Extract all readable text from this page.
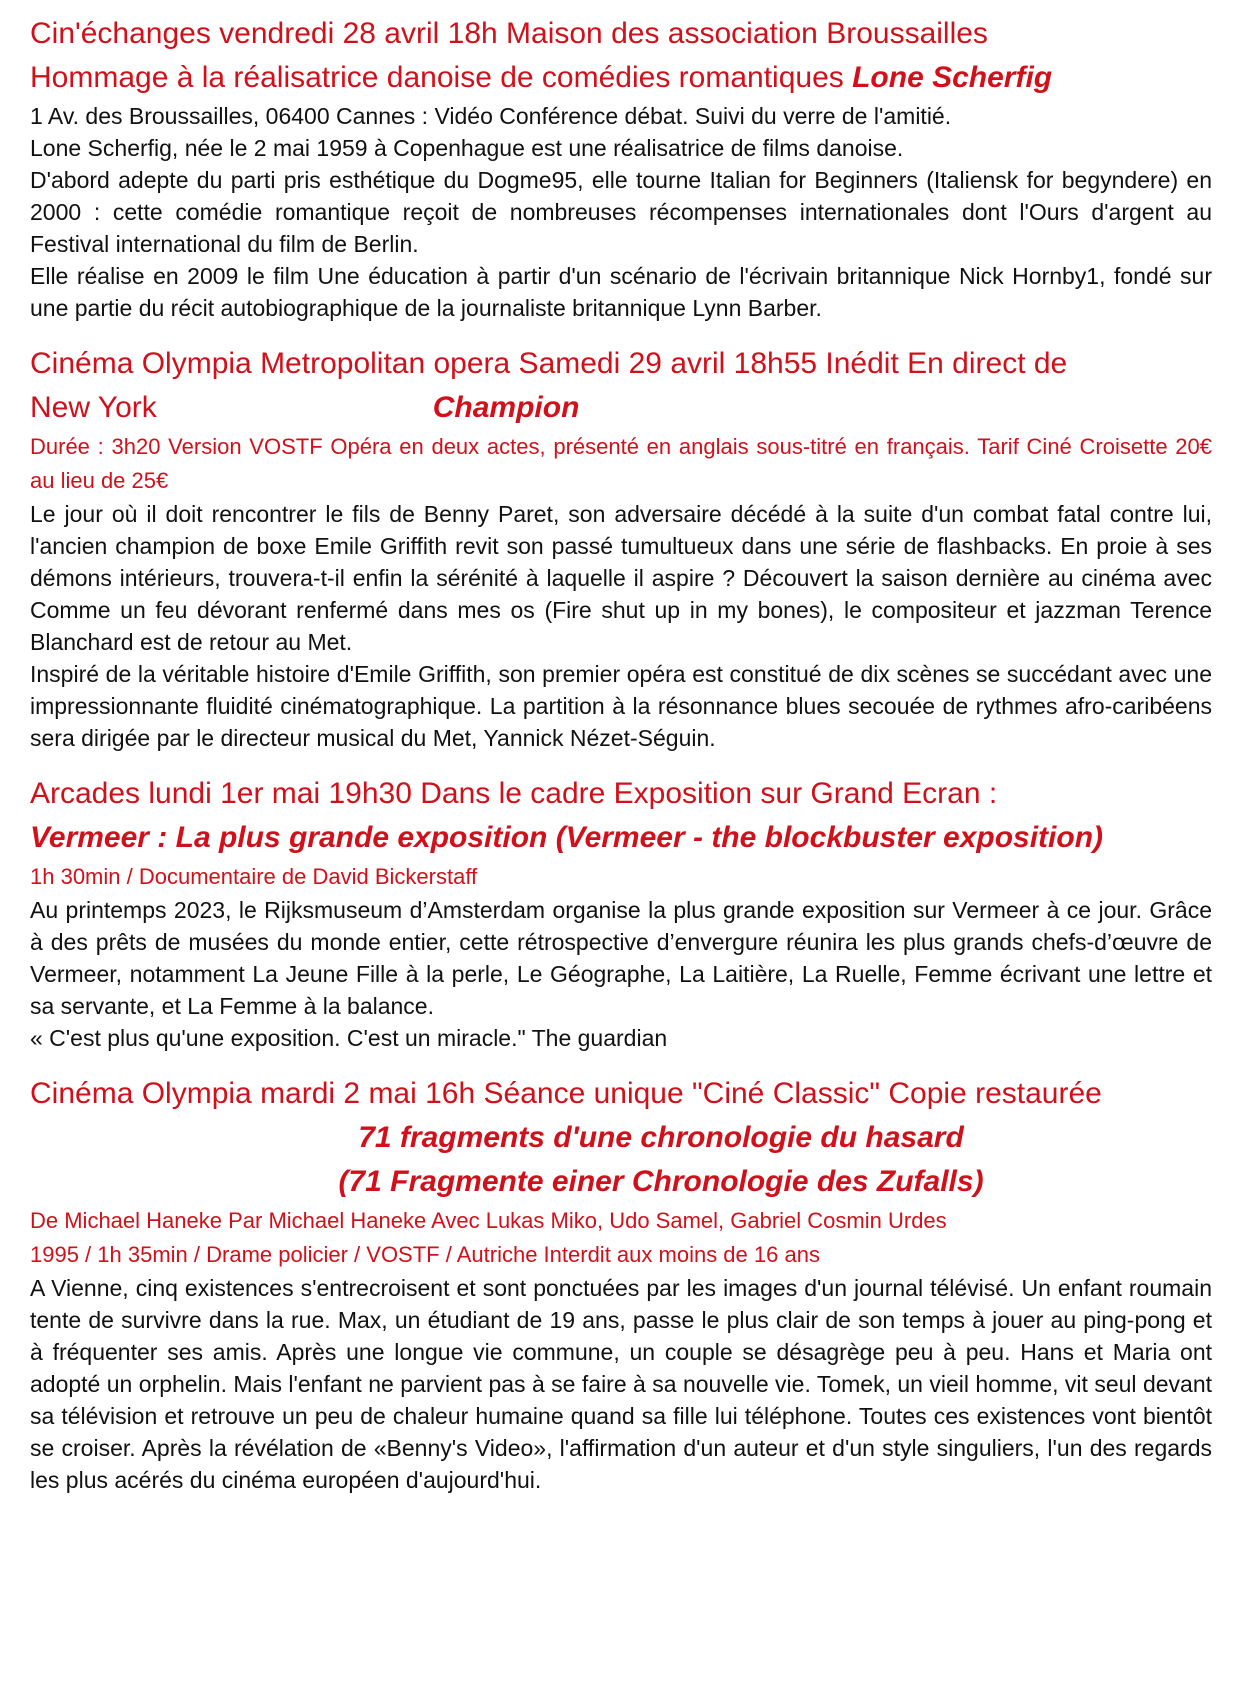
Cin'échanges vendredi 28 avril 18h Maison des association Broussailles
Hommage à la réalisatrice danoise de comédies romantiques Lone Scherfig

1 Av. des Broussailles, 06400 Cannes : Vidéo Conférence débat. Suivi du verre de l'amitié.

Lone Scherfig, née le 2 mai 1959 à Copenhague est une réalisatrice de films danoise.

D'abord adepte du parti pris esthétique du Dogme95, elle tourne Italian for Beginners (Italiensk for begyndere) en 2000 : cette comédie romantique reçoit de nombreuses récompenses internationales dont l'Ours d'argent au Festival international du film de Berlin.

Elle réalise en 2009 le film Une éducation à partir d'un scénario de l'écrivain britannique Nick Hornby1, fondé sur une partie du récit autobiographique de la journaliste britannique Lynn Barber.

Cinéma Olympia Metropolitan opera Samedi 29 avril 18h55 Inédit En direct de
New York	Champion

Durée : 3h20 Version VOSTF Opéra en deux actes, présenté en anglais sous-titré en français. Tarif Ciné Croisette 20€ au lieu de 25€

Le jour où il doit rencontrer le fils de Benny Paret, son adversaire décédé à la suite d'un combat fatal contre lui, l'ancien champion de boxe Emile Griffith revit son passé tumultueux dans une série de flashbacks. En proie à ses démons intérieurs, trouvera-t-il enfin la sérénité à laquelle il aspire ? Découvert la saison dernière au cinéma avec Comme un feu dévorant renfermé dans mes os (Fire shut up in my bones), le compositeur et jazzman Terence Blanchard est de retour au Met.

Inspiré de la véritable histoire d'Emile Griffith, son premier opéra est constitué de dix scènes se succédant avec une impressionnante fluidité cinématographique. La partition à la résonnance blues secouée de rythmes afro-caribéens sera dirigée par le directeur musical du Met, Yannick Nézet-Séguin.

Arcades lundi 1er mai 19h30 Dans le cadre Exposition sur Grand Ecran :
Vermeer : La plus grande exposition (Vermeer - the blockbuster exposition)

1h 30min / Documentaire de David Bickerstaff

Au printemps 2023, le Rijksmuseum d’Amsterdam organise la plus grande exposition sur Vermeer à ce jour. Grâce à des prêts de musées du monde entier, cette rétrospective d’envergure réunira les plus grands chefs-d’œuvre de Vermeer, notamment La Jeune Fille à la perle, Le Géographe, La Laitière, La Ruelle, Femme écrivant une lettre et sa servante, et La Femme à la balance.

« C'est plus qu'une exposition. C'est un miracle." The guardian

Cinéma Olympia mardi 2 mai 16h Séance unique "Ciné Classic" Copie restaurée

71 fragments d'une chronologie du hasard

(71 Fragmente einer Chronologie des Zufalls)

De Michael Haneke Par Michael Haneke Avec Lukas Miko, Udo Samel, Gabriel Cosmin Urdes

1995 / 1h 35min / Drame policier / VOSTF / Autriche Interdit aux moins de 16 ans

A Vienne, cinq existences s'entrecroisent et sont ponctuées par les images d'un journal télévisé. Un enfant roumain tente de survivre dans la rue. Max, un étudiant de 19 ans, passe le plus clair de son temps à jouer au ping-pong et à fréquenter ses amis. Après une longue vie commune, un couple se désagrège peu à peu. Hans et Maria ont adopté un orphelin. Mais l'enfant ne parvient pas à se faire à sa nouvelle vie. Tomek, un vieil homme, vit seul devant sa télévision et retrouve un peu de chaleur humaine quand sa fille lui téléphone. Toutes ces existences vont bientôt se croiser. Après la révélation de «Benny's Video», l'affirmation d'un auteur et d'un style singuliers, l'un des regards les plus acérés du cinéma européen d'aujourd'hui.
